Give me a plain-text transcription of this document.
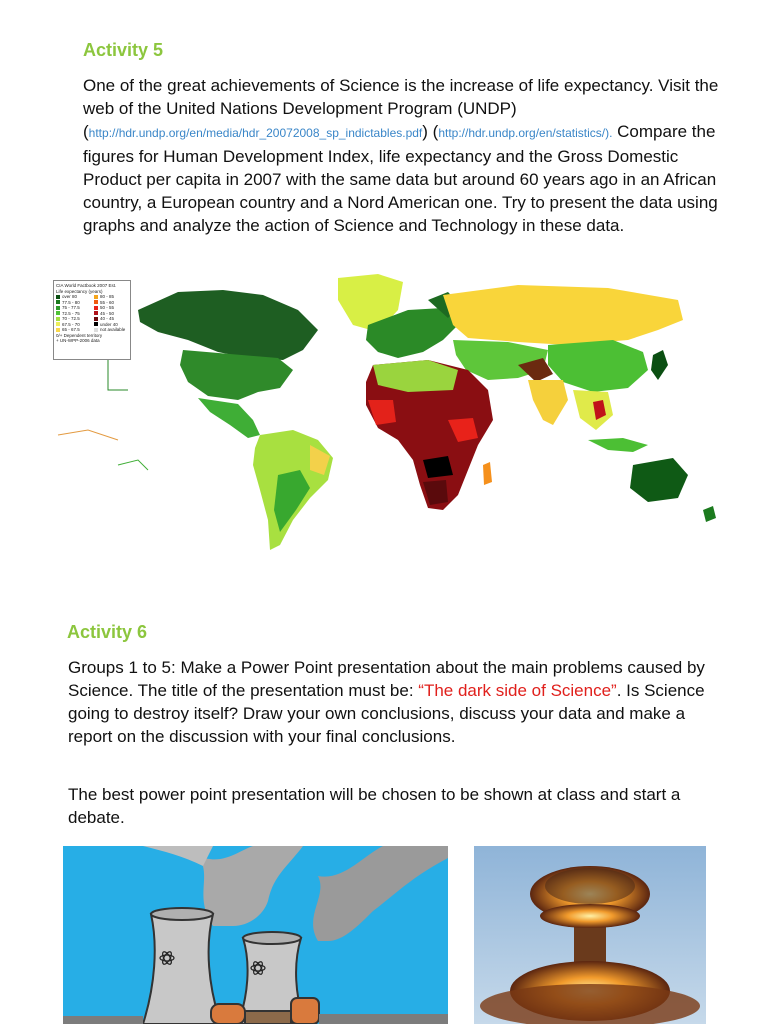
Activity 5
One of the great achievements of Science is the increase of life expectancy. Visit the web of the United Nations Development Program (UNDP)(http://hdr.undp.org/en/media/hdr_20072008_sp_indictables.pdf) (http://hdr.undp.org/en/statistics/). Compare the figures for Human Development Index, life expectancy and the Gross Domestic Product per capita in 2007 with the same data but around 60 years ago in an African country, a European country and a Nord American one. Try to present the data using graphs and analyze the action of Science and Technology in these data.
CIA World Factbook 2007 Est.
Life expectancy (years)
over 80	80 - 85
77.5 - 80	55 - 60
75 - 77.5	50 - 55
72.5 - 75	45 - 50
70 - 72.5	40 - 45
67.5 - 70	under 40
65 - 67.5	not available
0/+ Dependent territory
+ UN-WPP-2006 data
Activity 6
Groups 1 to 5: Make a Power Point presentation about the main problems caused by Science. The title of the presentation must be: “The dark side of Science”. Is Science going to destroy itself? Draw your own conclusions, discuss your data and make a report on the discussion with your final conclusions.
The best power point presentation will be chosen to be shown at class and start a debate.
